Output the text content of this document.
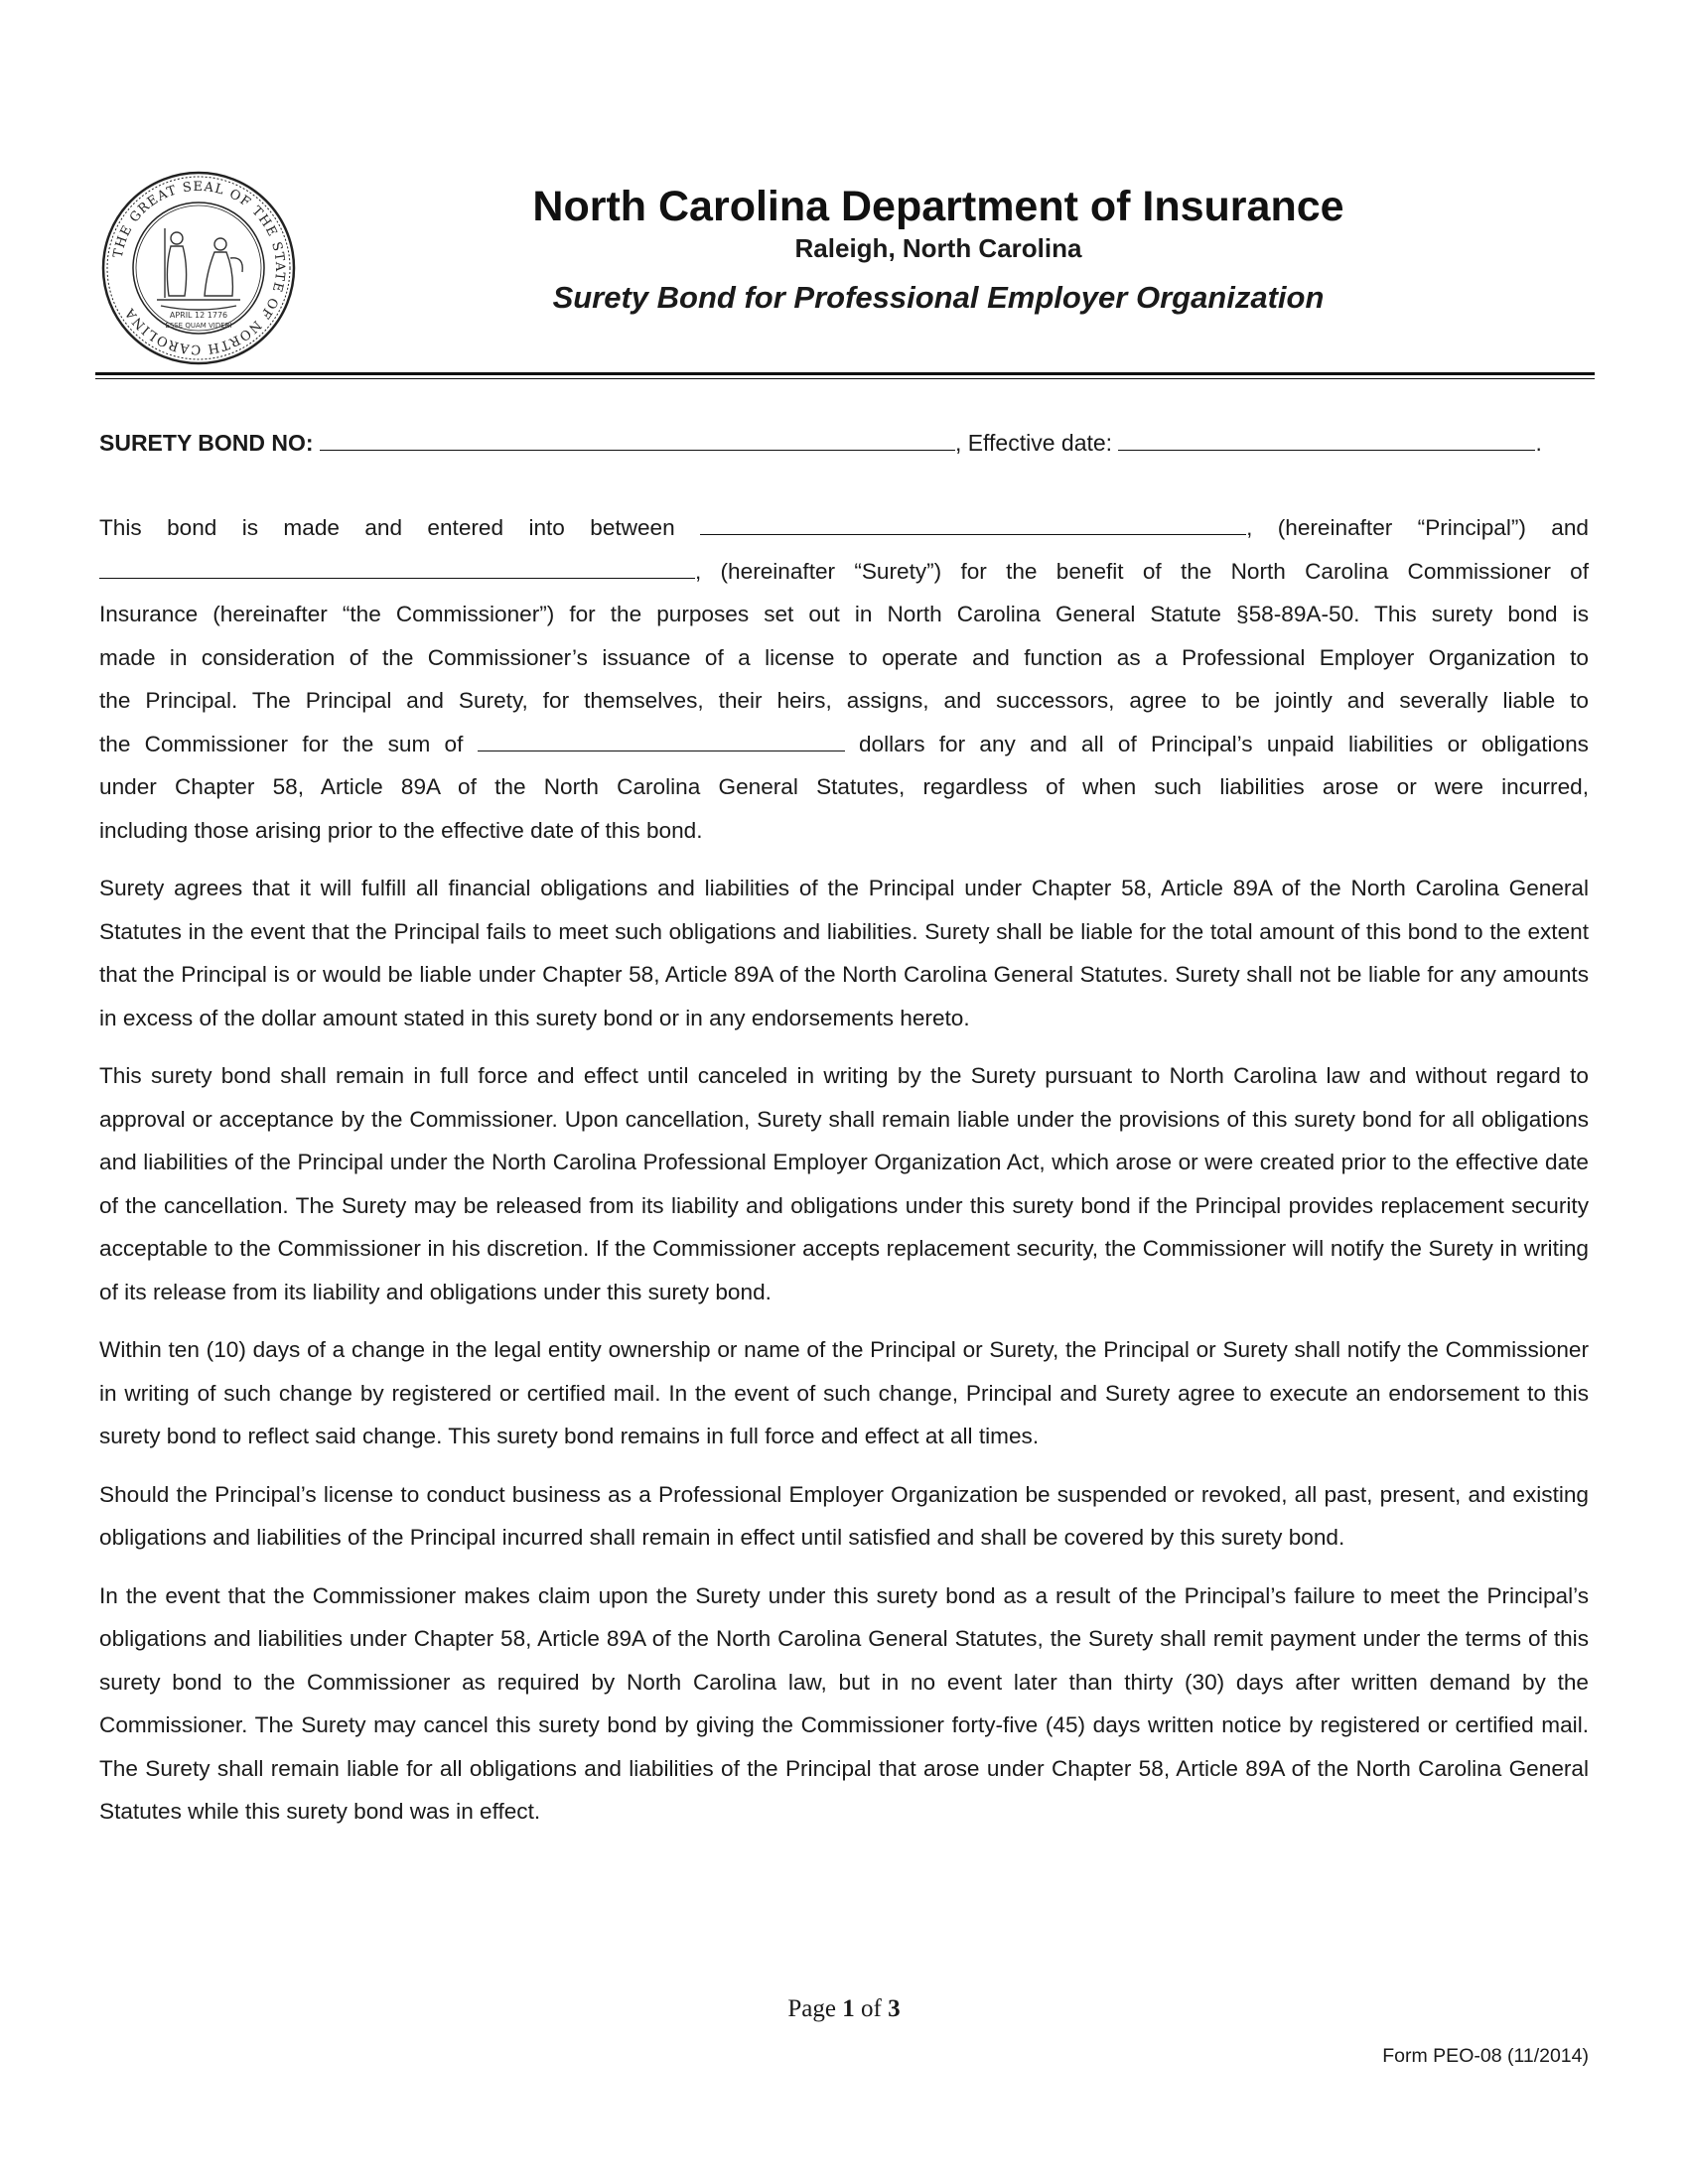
THE GREAT SEAL OF THE STATE OF NORTH CAROLINA	APRIL 12 1776
ESSE QUAM VIDERI
North Carolina Department of Insurance
Raleigh, North Carolina
Surety Bond for Professional Employer Organization
SURETY BOND NO:	, Effective date:	.

This bond is made and entered into between	, (hereinafter “Principal”) and
, (hereinafter “Surety”) for the benefit of the North Carolina Commissioner of
Insurance (hereinafter “the Commissioner”) for the purposes set out in North Carolina General Statute §58-89A-50. This surety bond is
made in consideration of the Commissioner’s issuance of a license to operate and function as a Professional Employer Organization to
the Principal. The Principal and Surety, for themselves, their heirs, assigns, and successors, agree to be jointly and severally liable to
the Commissioner for the sum of	dollars for any and all of Principal’s unpaid liabilities or obligations
under Chapter 58, Article 89A of the North Carolina General Statutes, regardless of when such liabilities arose or were incurred,
including those arising prior to the effective date of this bond.

Surety agrees that it will fulfill all financial obligations and liabilities of the Principal under Chapter 58, Article 89A of the North Carolina General Statutes in the event that the Principal fails to meet such obligations and liabilities. Surety shall be liable for the total amount of this bond to the extent that the Principal is or would be liable under Chapter 58, Article 89A of the North Carolina General Statutes. Surety shall not be liable for any amounts in excess of the dollar amount stated in this surety bond or in any endorsements hereto.

This surety bond shall remain in full force and effect until canceled in writing by the Surety pursuant to North Carolina law and without regard to approval or acceptance by the Commissioner. Upon cancellation, Surety shall remain liable under the provisions of this surety bond for all obligations and liabilities of the Principal under the North Carolina Professional Employer Organization Act, which arose or were created prior to the effective date of the cancellation. The Surety may be released from its liability and obligations under this surety bond if the Principal provides replacement security acceptable to the Commissioner in his discretion. If the Commissioner accepts replacement security, the Commissioner will notify the Surety in writing of its release from its liability and obligations under this surety bond.

Within ten (10) days of a change in the legal entity ownership or name of the Principal or Surety, the Principal or Surety shall notify the Commissioner in writing of such change by registered or certified mail. In the event of such change, Principal and Surety agree to execute an endorsement to this surety bond to reflect said change. This surety bond remains in full force and effect at all times.

Should the Principal’s license to conduct business as a Professional Employer Organization be suspended or revoked, all past, present, and existing obligations and liabilities of the Principal incurred shall remain in effect until satisfied and shall be covered by this surety bond.

In the event that the Commissioner makes claim upon the Surety under this surety bond as a result of the Principal’s failure to meet the Principal’s obligations and liabilities under Chapter 58, Article 89A of the North Carolina General Statutes, the Surety shall remit payment under the terms of this surety bond to the Commissioner as required by North Carolina law, but in no event later than thirty (30) days after written demand by the Commissioner. The Surety may cancel this surety bond by giving the Commissioner forty-five (45) days written notice by registered or certified mail. The Surety shall remain liable for all obligations and liabilities of the Principal that arose under Chapter 58, Article 89A of the North Carolina General Statutes while this surety bond was in effect.

Page 1 of 3
Form PEO-08 (11/2014)
